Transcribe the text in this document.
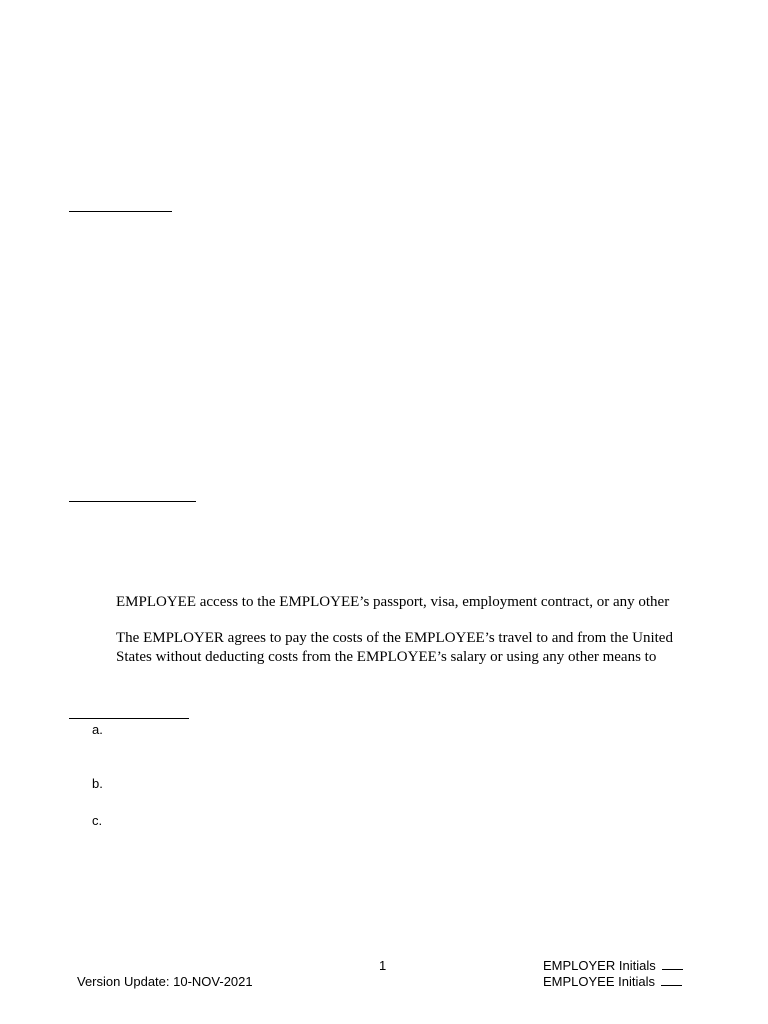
EMPLOYEE access to the EMPLOYEE’s passport, visa, employment contract, or any other
The EMPLOYER agrees to pay the costs of the EMPLOYEE’s travel to and from the United
States without deducting costs from the EMPLOYEE’s salary or using any other means to
a.
b.
c.
1
Version Update: 10-NOV-2021
EMPLOYER Initials
EMPLOYEE Initials
